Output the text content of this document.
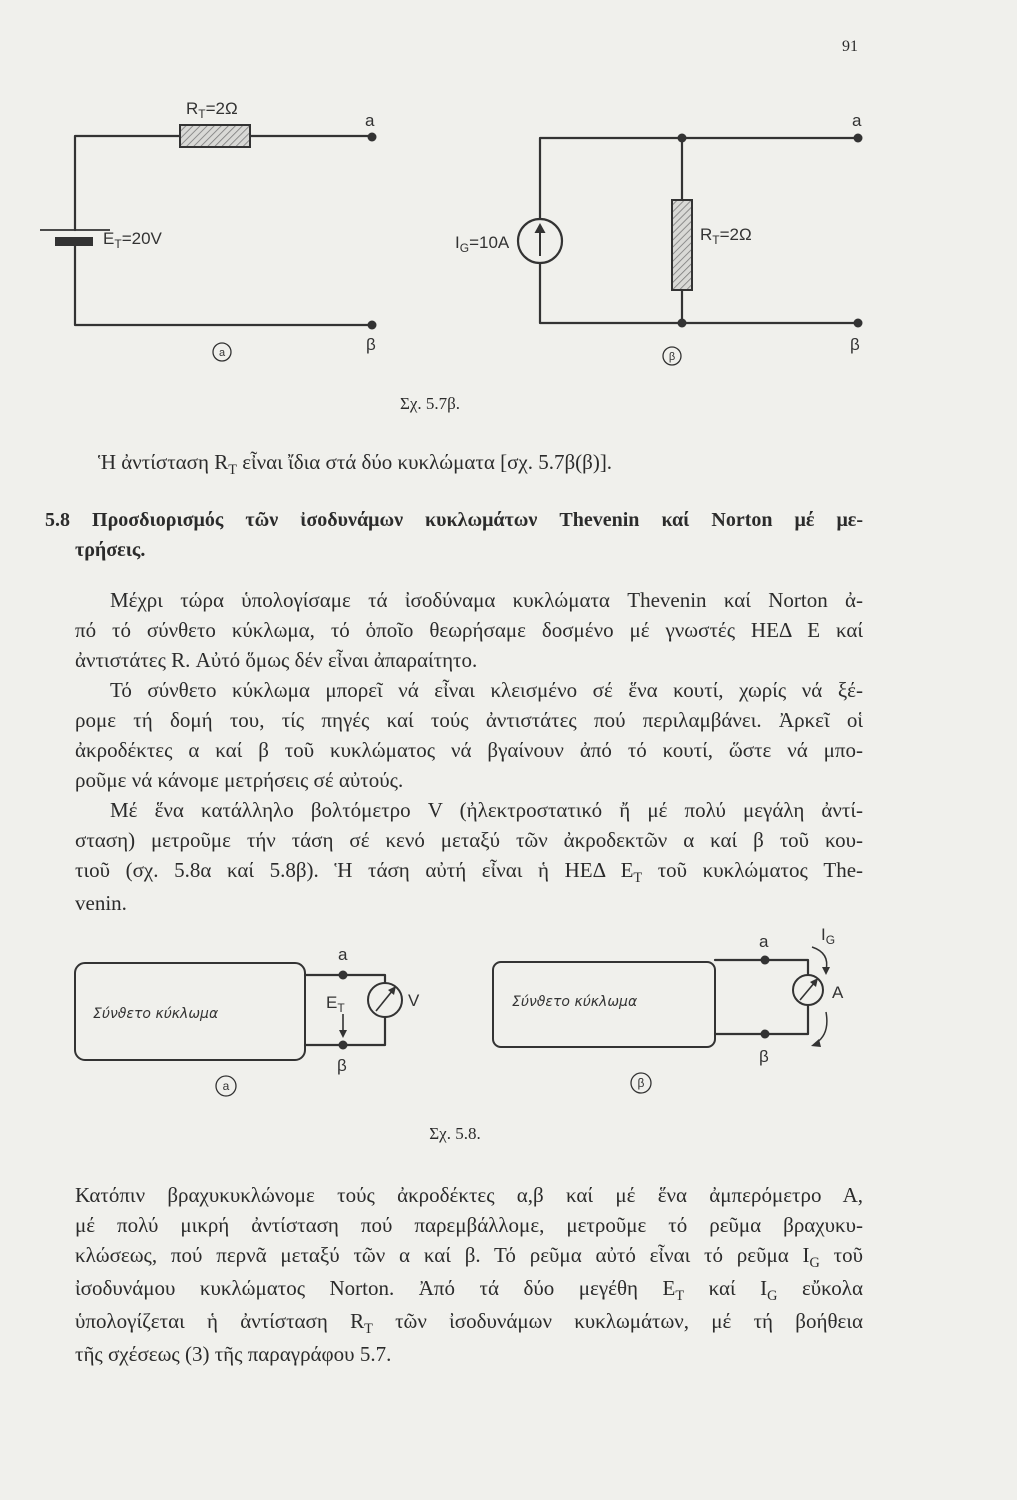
a
$R_T=2\Omega$
$E_T=20V$
β
a
a
β
$I_G=10A$	$R_T=2\Omega$
β
Σύνϑετο κύκλωμα
a
β
V
$E_T$
a
Σύνϑετο κύκλωμα
a
β
A
$I_G$
β
91
Σχ. 5.7β.
Ἡ ἀντίσταση $R_T$ εἶναι ἴδια στά δύο κυκλώματα [σχ. 5.7β(β)].
5.8 Προσδιορισμός τῶν ἰσοδυνάμων κυκλωμάτων Thevenin καί Norton μέ με-
τρήσεις.
Μέχρι τώρα ὑπολογίσαμε τά ἰσοδύναμα κυκλώματα Thevenin καί Norton ἀ-
πό τό σύνθετο κύκλωμα, τό ὁποῖο θεωρήσαμε δοσμένο μέ γνωστές ΗΕΔ Ε καί
ἀντιστάτες R. Αὐτό ὅμως δέν εἶναι ἀπαραίτητο.
Τό σύνθετο κύκλωμα μπορεῖ νά εἶναι κλεισμένο σέ ἕνα κουτί, χωρίς νά ξέ-
ρομε τή δομή του, τίς πηγές καί τούς ἀντιστάτες πού περιλαμβάνει. Ἀρκεῖ οἱ
ἀκροδέκτες α καί β τοῦ κυκλώματος νά βγαίνουν ἀπό τό κουτί, ὥστε νά μπο-
ροῦμε νά κάνομε μετρήσεις σέ αὐτούς.
Μέ ἕνα κατάλληλο βολτόμετρο V (ἠλεκτροστατικό ἤ μέ πολύ μεγάλη ἀντί-
σταση) μετροῦμε τήν τάση σέ κενό μεταξύ τῶν ἀκροδεκτῶν α καί β τοῦ κου-
τιοῦ (σχ. 5.8α καί 5.8β). Ἡ τάση αὐτή εἶναι ἡ ΗΕΔ $E_T$ τοῦ κυκλώματος The-
venin.
Σχ. 5.8.
Κατόπιν βραχυκυκλώνομε τούς ἀκροδέκτες α,β καί μέ ἕνα ἀμπερόμετρο Α,
μέ πολύ μικρή ἀντίσταση πού παρεμβάλλομε, μετροῦμε τό ρεῦμα βραχυκυ-
κλώσεως, πού περνᾶ μεταξύ τῶν α καί β. Τό ρεῦμα αὐτό εἶναι τό ρεῦμα $I_G$ τοῦ
ἰσοδυνάμου κυκλώματος Norton. Ἀπό τά δύο μεγέθη $E_T$ καί $I_G$ εὔκολα
ὑπολογίζεται ἡ ἀντίσταση $R_T$ τῶν ἰσοδυνάμων κυκλωμάτων, μέ τή βοήθεια
τῆς σχέσεως (3) τῆς παραγράφου 5.7.
